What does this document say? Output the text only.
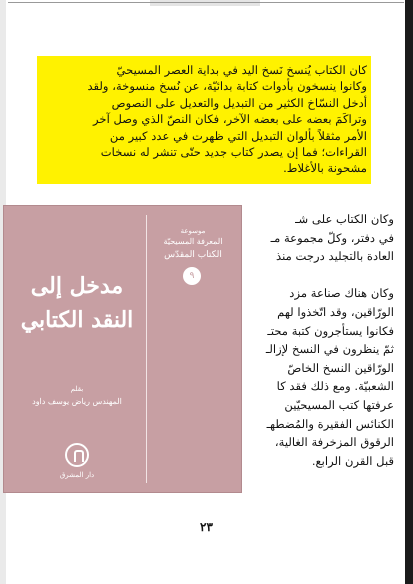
كان الكتاب يُنسخ نَسخ اليد في بداية العصر المسيحيّ
وكانوا ينسخون بأدوات كتابة بدائيّة، عن نُسخ منسوخة، ولقد
أدخل النسّاخ الكثير من التبديل والتعديل على النصوص
وتراكَمَ بعضه على بعضه الآخر، فكان النصّ الذي وصل آخر
الأمر مثقلاً بألوان التبديل التي ظهرت في عدد كبير من
القراءات؛ فما إن يصدر كتاب جديد حتّى تنشر له نسخات
مشحونة بالأغلاط.
وكان الكتاب على شـ
في دفتر، وكلّ مجموعة مـ
العادة بالتجليد درجت منذ
وكان هناك صناعة مزد
الورّاقين، وقد اتّخذوا لهم
فكانوا يستأجرون كتبة محتـ
ثمّ ينظرون في النسخ لإزالـ
الورّاقين النسخ الخاصّ
الشعبيّة. ومع ذلك فقد كا
عرفتها كتب المسيحيّين
الكنائس الفقيرة والمُضطهـ
الرقوق المزخرفة الغالية،
قبل القرن الرابع.
مدخل إلى
النقد الكتابي
بقلم
المهندس رياض يوسف داود
دار المشرق
موسوعة
المعرفة المسيحيّة
الكتاب المقدّس
٩
٢٣
